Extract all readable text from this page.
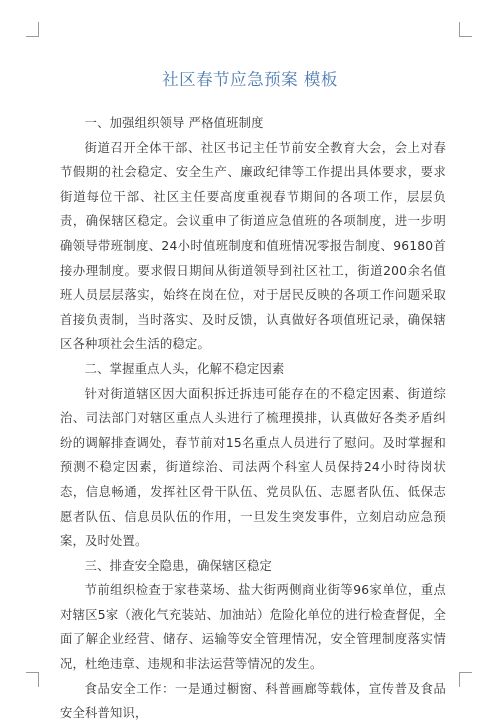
社区春节应急预案 模板

一、加强组织领导 严格值班制度

街道召开全体干部、社区书记主任节前安全教育大会，会上对春节假期的社会稳定、安全生产、廉政纪律等工作提出具体要求，要求街道每位干部、社区主任要高度重视春节期间的各项工作，层层负责，确保辖区稳定。会议重申了街道应急值班的各项制度，进一步明确领导带班制度、24小时值班制度和值班情况零报告制度、96180首接办理制度。要求假日期间从街道领导到社区社工，街道200余名值班人员层层落实，始终在岗在位，对于居民反映的各项工作问题采取首接负责制，当时落实、及时反馈，认真做好各项值班记录，确保辖区各种项社会生活的稳定。

二、掌握重点人头，化解不稳定因素

针对街道辖区因大面积拆迁拆违可能存在的不稳定因素、街道综治、司法部门对辖区重点人头进行了梳理摸排，认真做好各类矛盾纠纷的调解排查调处，春节前对15名重点人员进行了慰问。及时掌握和预测不稳定因素，街道综治、司法两个科室人员保持24小时待岗状态，信息畅通，发挥社区骨干队伍、党员队伍、志愿者队伍、低保志愿者队伍、信息员队伍的作用，一旦发生突发事件，立刻启动应急预案，及时处置。

三、排查安全隐患，确保辖区稳定

节前组织检查于家巷菜场、盐大街两侧商业街等96家单位，重点对辖区5家（液化气充装站、加油站）危险化单位的进行检查督促，全面了解企业经营、储存、运输等安全管理情况，安全管理制度落实情况，杜绝违章、违规和非法运营等情况的发生。

食品安全工作：一是通过橱窗、科普画廊等载体，宣传普及食品安全科普知识，
